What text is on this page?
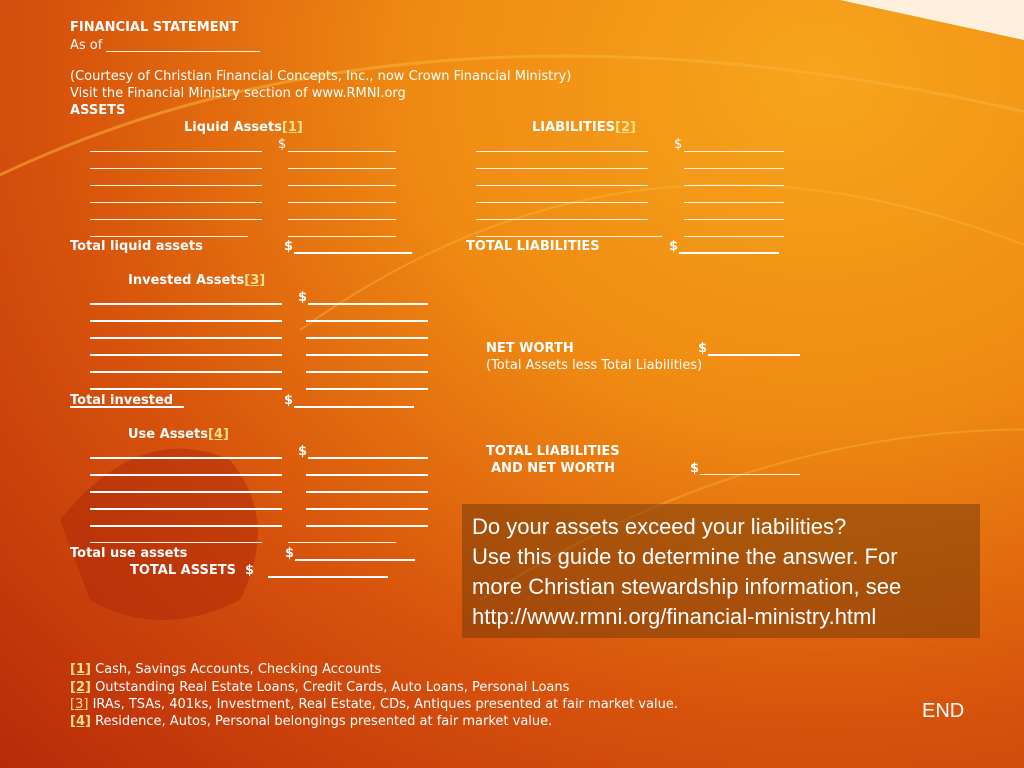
FINANCIAL STATEMENT
As of
(Courtesy of Christian Financial Concepts, Inc., now Crown Financial Ministry)
Visit the Financial Ministry section of www.RMNI.org
ASSETS
Liquid Assets[1]	LIABILITIES[2]
$	$
Total liquid assets	$	TOTAL LIABILITIES	$
Invested Assets[3]
$
NET WORTH	$
(Total Assets less Total Liabilities)
Total invested	$
Use Assets[4]
$	TOTAL LIABILITIES
AND NET WORTH	$
Total use assets	$
TOTAL ASSETS  $
Do your assets exceed your liabilities?
Use this guide to determine the answer. For
more Christian stewardship information, see
http://www.rmni.org/financial-ministry.html
[1] Cash, Savings Accounts, Checking Accounts
[2] Outstanding Real Estate Loans, Credit Cards, Auto Loans, Personal Loans
[3] IRAs, TSAs, 401ks, Investment, Real Estate, CDs, Antiques presented at fair market value.
[4] Residence, Autos, Personal belongings presented at fair market value.	END
